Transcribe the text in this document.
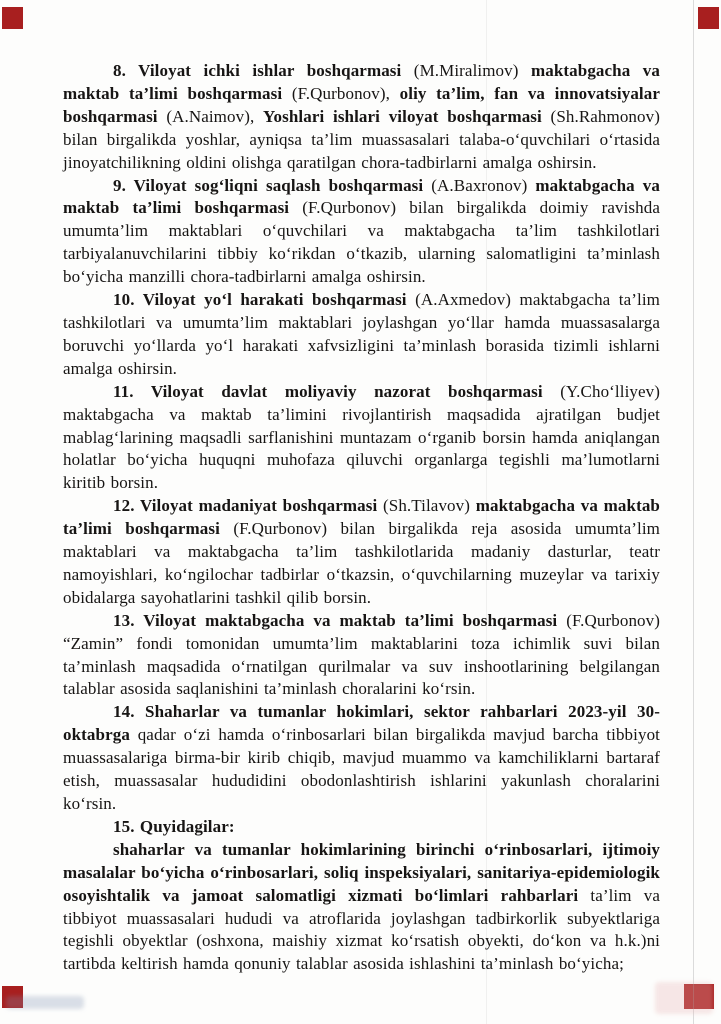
8. Viloyat ichki ishlar boshqarmasi (M.Miralimov) maktabgacha va maktab ta’limi boshqarmasi (F.Qurbonov), oliy ta’lim, fan va innovatsiyalar boshqarmasi (A.Naimov), Yoshlari ishlari viloyat boshqarmasi (Sh.Rahmonov) bilan birgalikda yoshlar, ayniqsa ta’lim muassasalari talaba-o‘quvchilari o‘rtasida jinoyatchilikning oldini olishga qaratilgan chora-tadbirlarni amalga oshirsin.

9. Viloyat sog‘liqni saqlash boshqarmasi (A.Baxronov) maktabgacha va maktab ta’limi boshqarmasi (F.Qurbonov) bilan birgalikda doimiy ravishda umumta’lim maktablari o‘quvchilari va maktabgacha ta’lim tashkilotlari tarbiyalanuvchilarini tibbiy ko‘rikdan o‘tkazib, ularning salomatligini ta’minlash bo‘yicha manzilli chora-tadbirlarni amalga oshirsin.

10. Viloyat yo‘l harakati boshqarmasi (A.Axmedov) maktabgacha ta’lim tashkilotlari va umumta’lim maktablari joylashgan yo‘llar hamda muassasalarga boruvchi yo‘llarda yo‘l harakati xafvsizligini ta’minlash borasida tizimli ishlarni amalga oshirsin.

11. Viloyat davlat moliyaviy nazorat boshqarmasi (Y.Cho‘lliyev) maktabgacha va maktab ta’limini rivojlantirish maqsadida ajratilgan budjet mablag‘larining maqsadli sarflanishini muntazam o‘rganib borsin hamda aniqlangan holatlar bo‘yicha huquqni muhofaza qiluvchi organlarga tegishli ma’lumotlarni kiritib borsin.

12. Viloyat madaniyat boshqarmasi (Sh.Tilavov) maktabgacha va maktab ta’limi boshqarmasi (F.Qurbonov) bilan birgalikda reja asosida umumta’lim maktablari va maktabgacha ta’lim tashkilotlarida madaniy dasturlar, teatr namoyishlari, ko‘ngilochar tadbirlar o‘tkazsin, o‘quvchilarning muzeylar va tarixiy obidalarga sayohatlarini tashkil qilib borsin.

13. Viloyat maktabgacha va maktab ta’limi boshqarmasi (F.Qurbonov) “Zamin” fondi tomonidan umumta’lim maktablarini toza ichimlik suvi bilan ta’minlash maqsadida o‘rnatilgan qurilmalar va suv inshootlarining belgilangan talablar asosida saqlanishini ta’minlash choralarini ko‘rsin.

14. Shaharlar va tumanlar hokimlari, sektor rahbarlari 2023-yil 30-oktabrga qadar o‘zi hamda o‘rinbosarlari bilan birgalikda mavjud barcha tibbiyot muassasalariga birma-bir kirib chiqib, mavjud muammo va kamchiliklarni bartaraf etish, muassasalar hududidini obodonlashtirish ishlarini yakunlash choralarini ko‘rsin.

15. Quyidagilar:

shaharlar va tumanlar hokimlarining birinchi o‘rinbosarlari, ijtimoiy masalalar bo‘yicha o‘rinbosarlari, soliq inspeksiyalari, sanitariya-epidemiologik osoyishtalik va jamoat salomatligi xizmati bo‘limlari rahbarlari ta’lim va tibbiyot muassasalari hududi va atroflarida joylashgan tadbirkorlik subyektlariga tegishli obyektlar (oshxona, maishiy xizmat ko‘rsatish obyekti, do‘kon va h.k.)ni tartibda keltirish hamda qonuniy talablar asosida ishlashini ta’minlash bo‘yicha;
